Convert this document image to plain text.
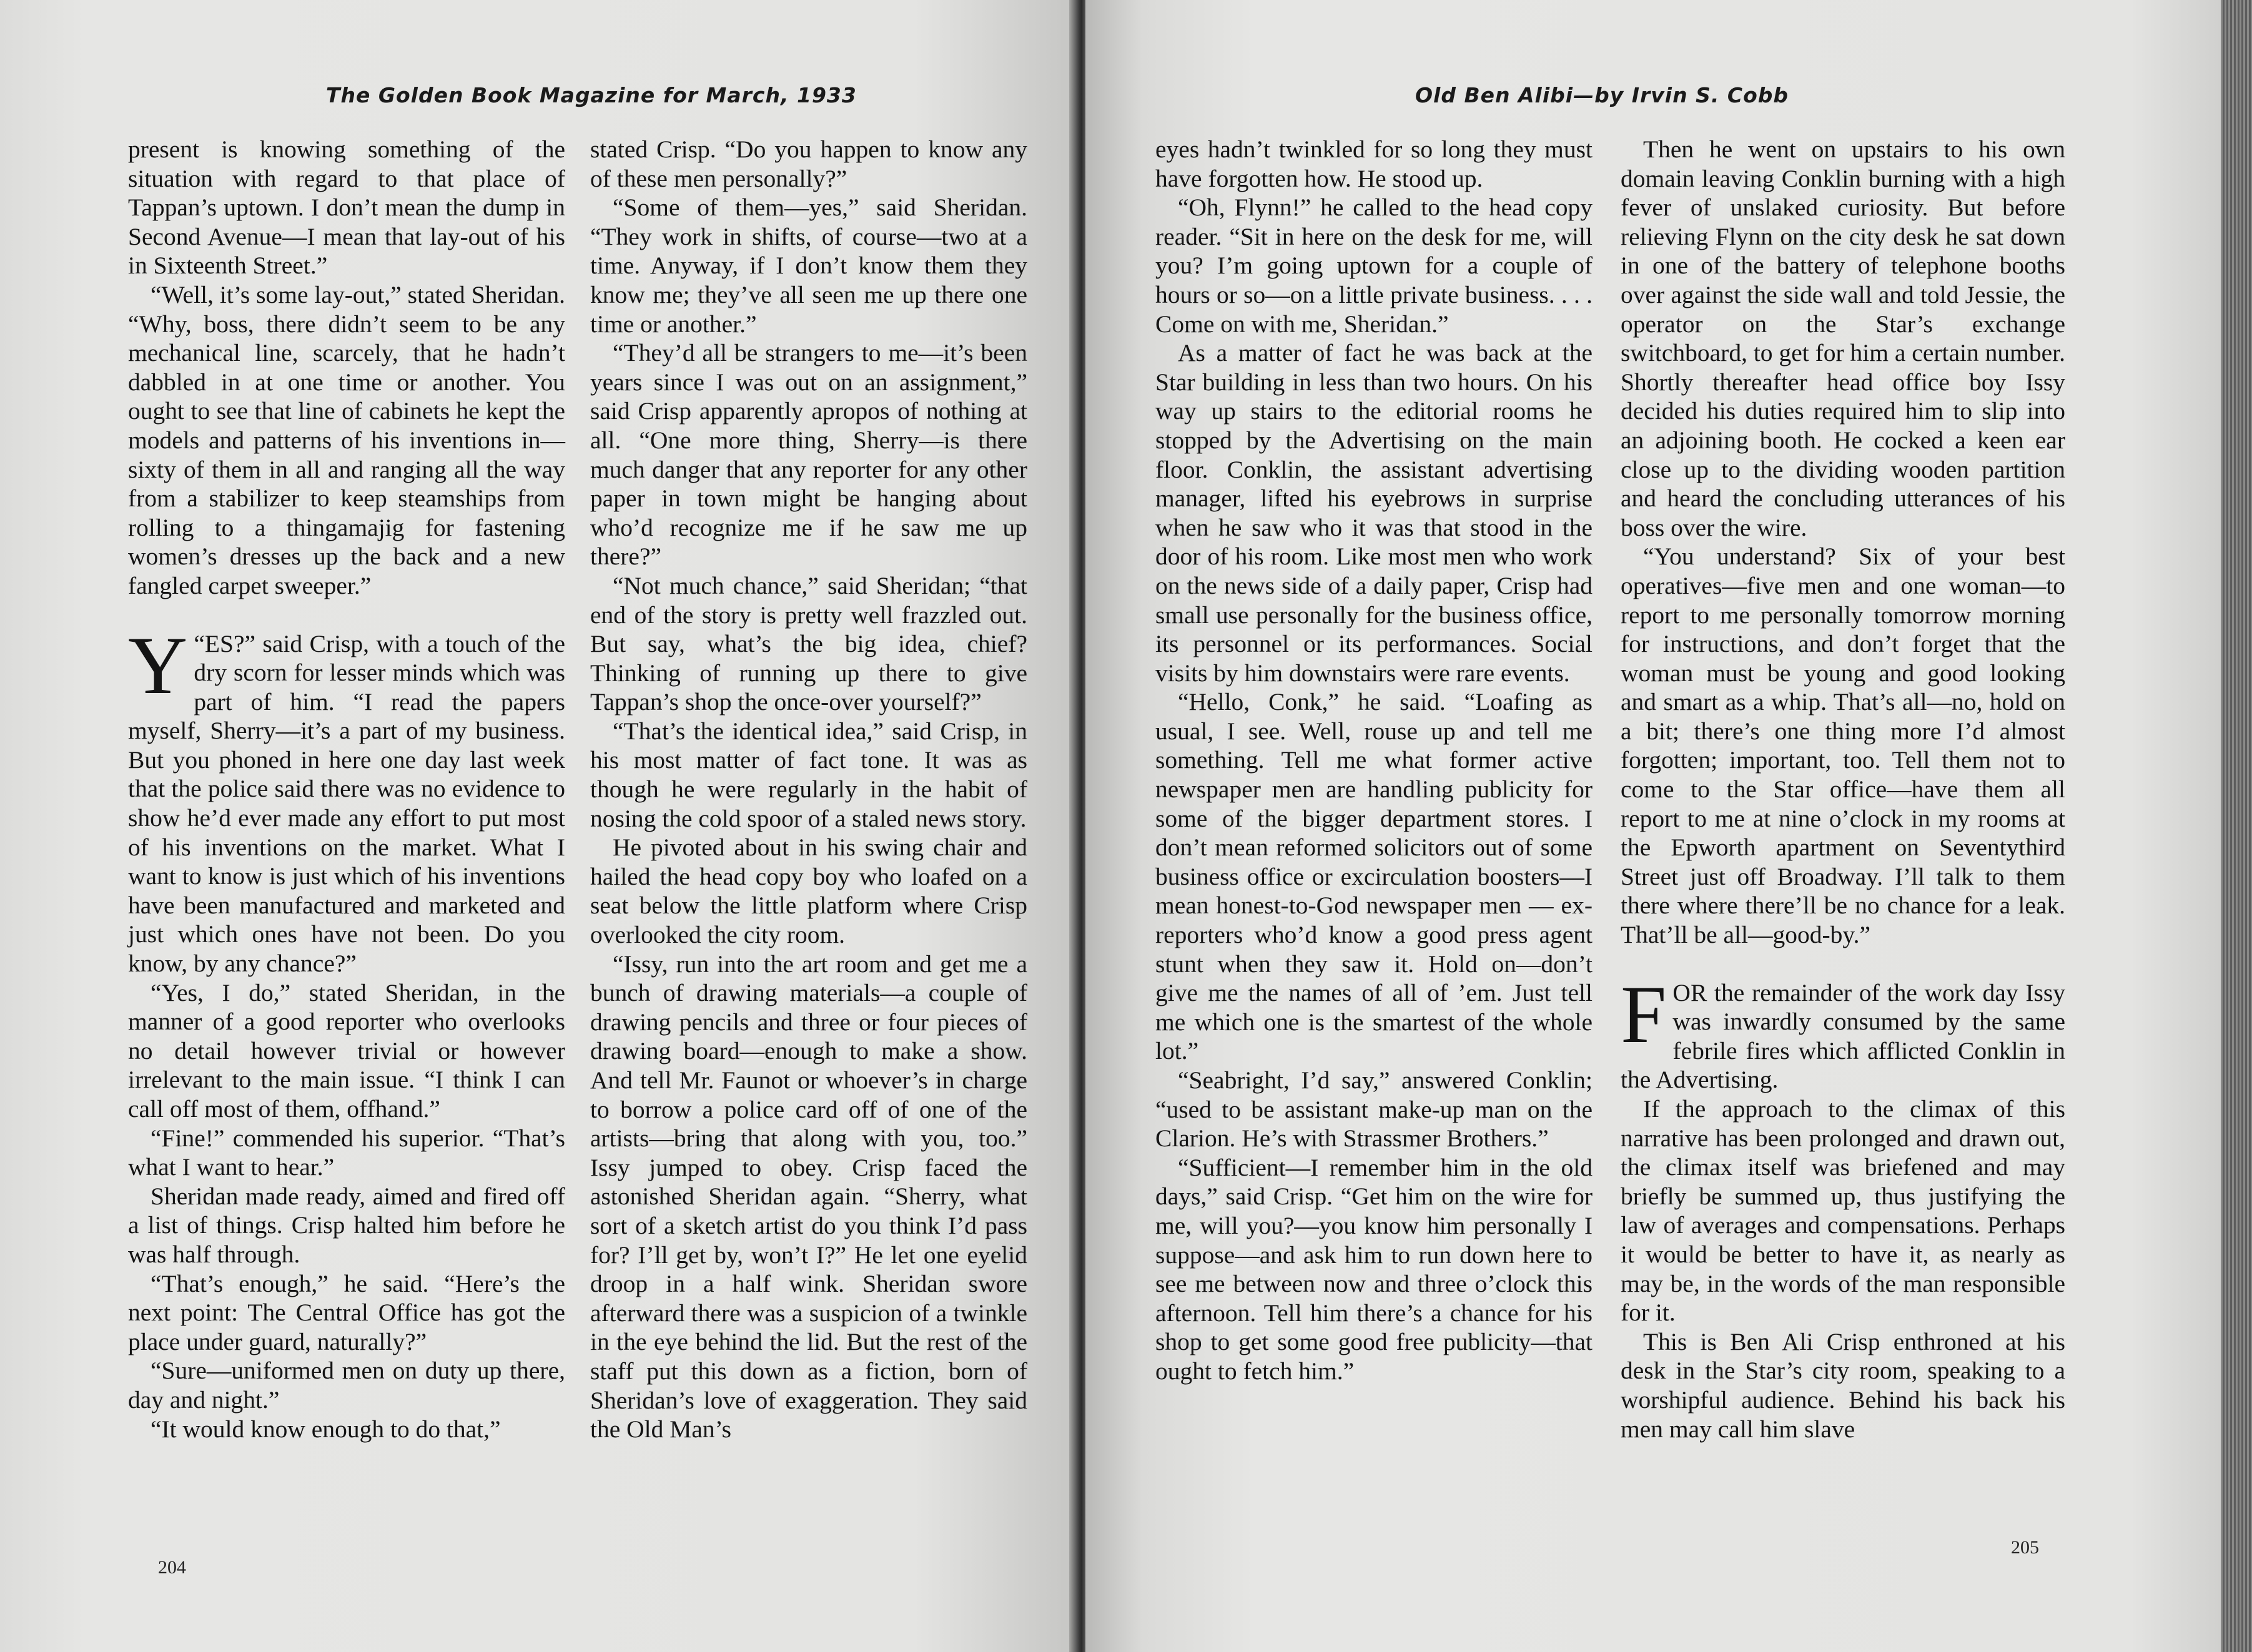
The Golden Book Magazine for March, 1933

present is knowing something of the situation with regard to that place of Tappan’s uptown. I don’t mean the dump in Second Avenue—I mean that lay-out of his in Sixteenth Street.”

“Well, it’s some lay-out,” stated Sheridan. “Why, boss, there didn’t seem to be any mechanical line, scarcely, that he hadn’t dabbled in at one time or another. You ought to see that line of cabinets he kept the models and patterns of his inventions in—sixty of them in all and ranging all the way from a stabilizer to keep steamships from rolling to a thingamajig for fastening women’s dresses up the back and a new fangled carpet sweeper.”

“
Y ES?” said Crisp, with a touch of the dry scorn for lesser minds which was part of him. “I read the papers myself, Sherry—it’s a part of my business. But you phoned in here one day last week that the police said there was no evidence to show he’d ever made any effort to put most of his inventions on the market. What I want to know is just which of his inventions have been manufactured and marketed and just which ones have not been. Do you know, by any chance?”

“Yes, I do,” stated Sheridan, in the manner of a good reporter who overlooks no detail however trivial or however irrelevant to the main issue. “I think I can call off most of them, offhand.”

“Fine!” commended his superior. “That’s what I want to hear.”

Sheridan made ready, aimed and fired off a list of things. Crisp halted him before he was half through.

“That’s enough,” he said. “Here’s the next point: The Central Office has got the place under guard, naturally?”

“Sure—uniformed men on duty up there, day and night.”

“It would know enough to do that,”

stated Crisp. “Do you happen to know any of these men personally?”

“Some of them—yes,” said Sheridan. “They work in shifts, of course—two at a time. Anyway, if I don’t know them they know me; they’ve all seen me up there one time or another.”

“They’d all be strangers to me—it’s been years since I was out on an assignment,” said Crisp apparently apropos of nothing at all. “One more thing, Sherry—is there much danger that any reporter for any other paper in town might be hanging about who’d recognize me if he saw me up there?”

“Not much chance,” said Sheridan; “that end of the story is pretty well frazzled out. But say, what’s the big idea, chief? Thinking of running up there to give Tappan’s shop the once-over yourself?”

“That’s the identical idea,” said Crisp, in his most matter of fact tone. It was as though he were regularly in the habit of nosing the cold spoor of a staled news story.

He pivoted about in his swing chair and hailed the head copy boy who loafed on a seat below the little platform where Crisp overlooked the city room.

“Issy, run into the art room and get me a bunch of drawing materials—a couple of drawing pencils and three or four pieces of drawing board—enough to make a show. And tell Mr. Faunot or whoever’s in charge to borrow a police card off of one of the artists—bring that along with you, too.” Issy jumped to obey. Crisp faced the astonished Sheridan again. “Sherry, what sort of a sketch artist do you think I’d pass for? I’ll get by, won’t I?” He let one eyelid droop in a half wink. Sheridan swore afterward there was a suspicion of a twinkle in the eye behind the lid. But the rest of the staff put this down as a fiction, born of Sheridan’s love of exaggeration. They said the Old Man’s

204
Old Ben Alibi—by Irvin S. Cobb

eyes hadn’t twinkled for so long they must have forgotten how. He stood up.

“Oh, Flynn!” he called to the head copy reader. “Sit in here on the desk for me, will you? I’m going uptown for a couple of hours or so—on a little private business. . . . Come on with me, Sheridan.”

As a matter of fact he was back at the Star building in less than two hours. On his way up stairs to the editorial rooms he stopped by the Advertising on the main floor. Conklin, the assistant advertising manager, lifted his eyebrows in surprise when he saw who it was that stood in the door of his room. Like most men who work on the news side of a daily paper, Crisp had small use personally for the business office, its personnel or its performances. Social visits by him downstairs were rare events.

“Hello, Conk,” he said. “Loafing as usual, I see. Well, rouse up and tell me something. Tell me what former active newspaper men are handling publicity for some of the bigger department stores. I don’t mean reformed solicitors out of some business office or excirculation boosters—I mean honest-to-God newspaper men — ex-reporters who’d know a good press agent stunt when they saw it. Hold on—don’t give me the names of all of ’em. Just tell me which one is the smartest of the whole lot.”

“Seabright, I’d say,” answered Conklin; “used to be assistant make-up man on the Clarion. He’s with Strassmer Brothers.”

“Sufficient—I remember him in the old days,” said Crisp. “Get him on the wire for me, will you?—you know him personally I suppose—and ask him to run down here to see me between now and three o’clock this afternoon. Tell him there’s a chance for his shop to get some good free publicity—that ought to fetch him.”

Then he went on upstairs to his own domain leaving Conklin burning with a high fever of unslaked curiosity. But before relieving Flynn on the city desk he sat down in one of the battery of telephone booths over against the side wall and told Jessie, the operator on the Star’s exchange switchboard, to get for him a certain number. Shortly thereafter head office boy Issy decided his duties required him to slip into an adjoining booth. He cocked a keen ear close up to the dividing wooden partition and heard the concluding utterances of his boss over the wire.

“You understand? Six of your best operatives—five men and one woman—to report to me personally tomorrow morning for instructions, and don’t forget that the woman must be young and good looking and smart as a whip. That’s all—no, hold on a bit; there’s one thing more I’d almost forgotten; important, too. Tell them not to come to the Star office—have them all report to me at nine o’clock in my rooms at the Epworth apartment on Seventythird Street just off Broadway. I’ll talk to them there where there’ll be no chance for a leak. That’ll be all—good-by.”

FOR the remainder of the work day Issy was inwardly consumed by the same febrile fires which afflicted Conklin in the Advertising.

If the approach to the climax of this narrative has been prolonged and drawn out, the climax itself was briefened and may briefly be summed up, thus justifying the law of averages and compensations. Perhaps it would be better to have it, as nearly as may be, in the words of the man responsible for it.

This is Ben Ali Crisp enthroned at his desk in the Star’s city room, speaking to a worshipful audience. Behind his back his men may call him slave

205
